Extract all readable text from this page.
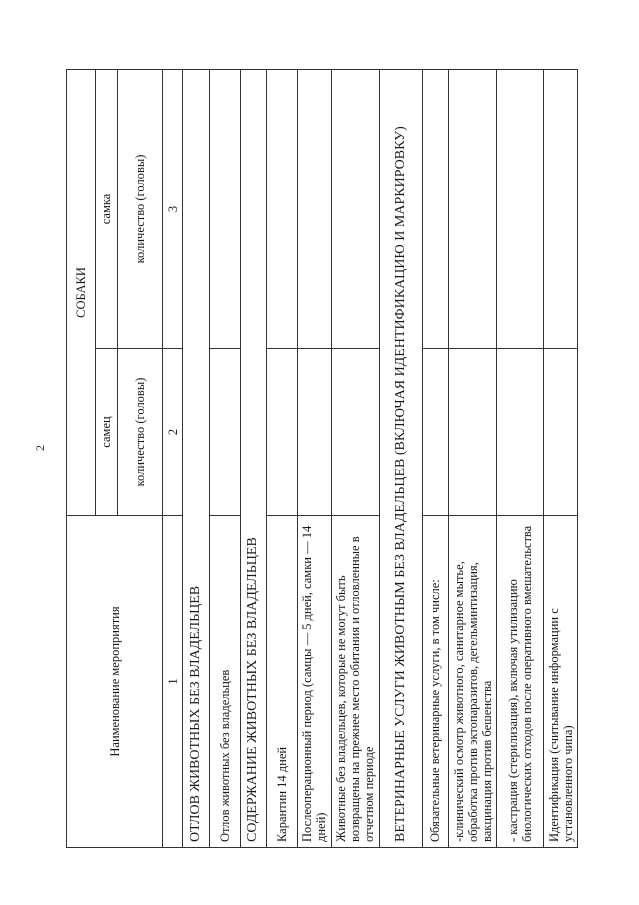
2
Наименование мероприятия	СОБАКИ	
	самец	самка
	количество (головы)	количество (головы)
1	2	3
ОТЛОВ ЖИВОТНЫХ БЕЗ ВЛАДЕЛЬЦЕВ		
Отлов животных без владельцев		
СОДЕРЖАНИЕ ЖИВОТНЫХ БЕЗ ВЛАДЕЛЬЦЕВ		
Карантин 14 дней		
Послеоперационный период (самцы — 5 дней, самки — 14 дней)		
Животные без владельцев, которые не могут быть возвращены на прежнее место обитания и отловленные в отчетном периоде		
ВЕТЕРИНАРНЫЕ УСЛУГИ ЖИВОТНЫМ БЕЗ ВЛАДЕЛЬЦЕВ (ВКЛЮЧАЯ ИДЕНТИФИКАЦИЮ И МАРКИРОВКУ)		
Обязательные ветеринарные услуги, в том числе:		
-клинический осмотр животного, санитарное мытье, обработка против эктопаразитов, дегельминтизация, вакцинация против бешенства		
- кастрация (стерилизация), включая утилизацию биологических отходов после оперативного вмешательства		
Идентификация (считывание информации с установленного чипа)		
